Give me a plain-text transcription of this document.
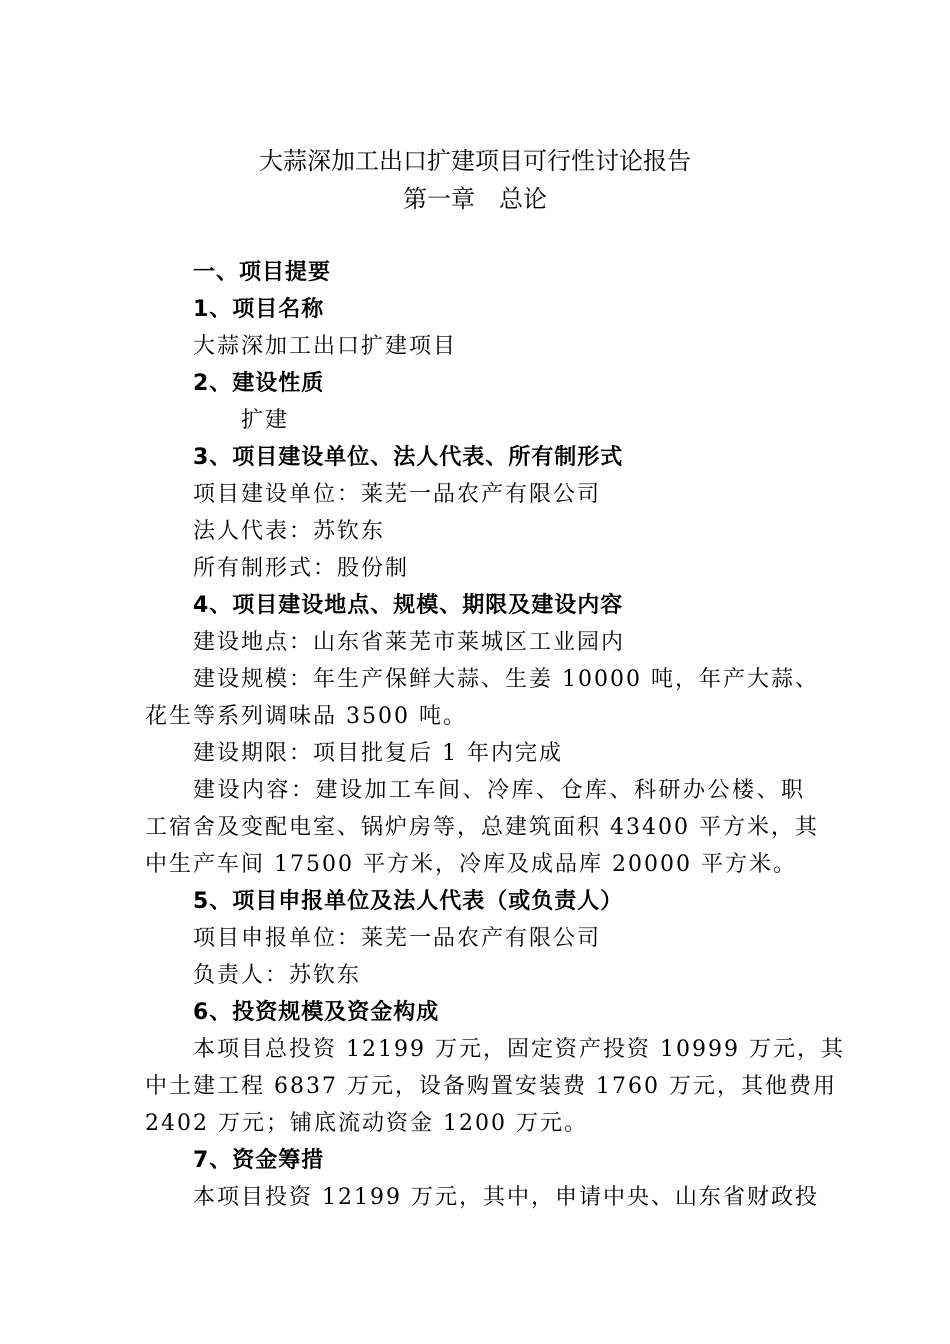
大蒜深加工出口扩建项目可行性讨论报告
第一章　总论
一、项目提要
1、项目名称
大蒜深加工出口扩建项目
2、建设性质
扩建
3、项目建设单位、法人代表、所有制形式
项目建设单位：莱芜一品农产有限公司
法人代表：苏钦东
所有制形式：股份制
4、项目建设地点、规模、期限及建设内容
建设地点：山东省莱芜市莱城区工业园内
建设规模：年生产保鲜大蒜、生姜 10000 吨，年产大蒜、
花生等系列调味品 3500 吨。
建设期限：项目批复后 1 年内完成
建设内容：建设加工车间、冷库、仓库、科研办公楼、职
工宿舍及变配电室、锅炉房等，总建筑面积 43400 平方米，其
中生产车间 17500 平方米，冷库及成品库 20000 平方米。
5、项目申报单位及法人代表（或负责人）
项目申报单位：莱芜一品农产有限公司
负责人：苏钦东
6、投资规模及资金构成
本项目总投资 12199 万元，固定资产投资 10999 万元，其
中土建工程 6837 万元，设备购置安装费 1760 万元，其他费用
2402 万元；铺底流动资金 1200 万元。
7、资金筹措
本项目投资 12199 万元，其中，申请中央、山东省财政投
